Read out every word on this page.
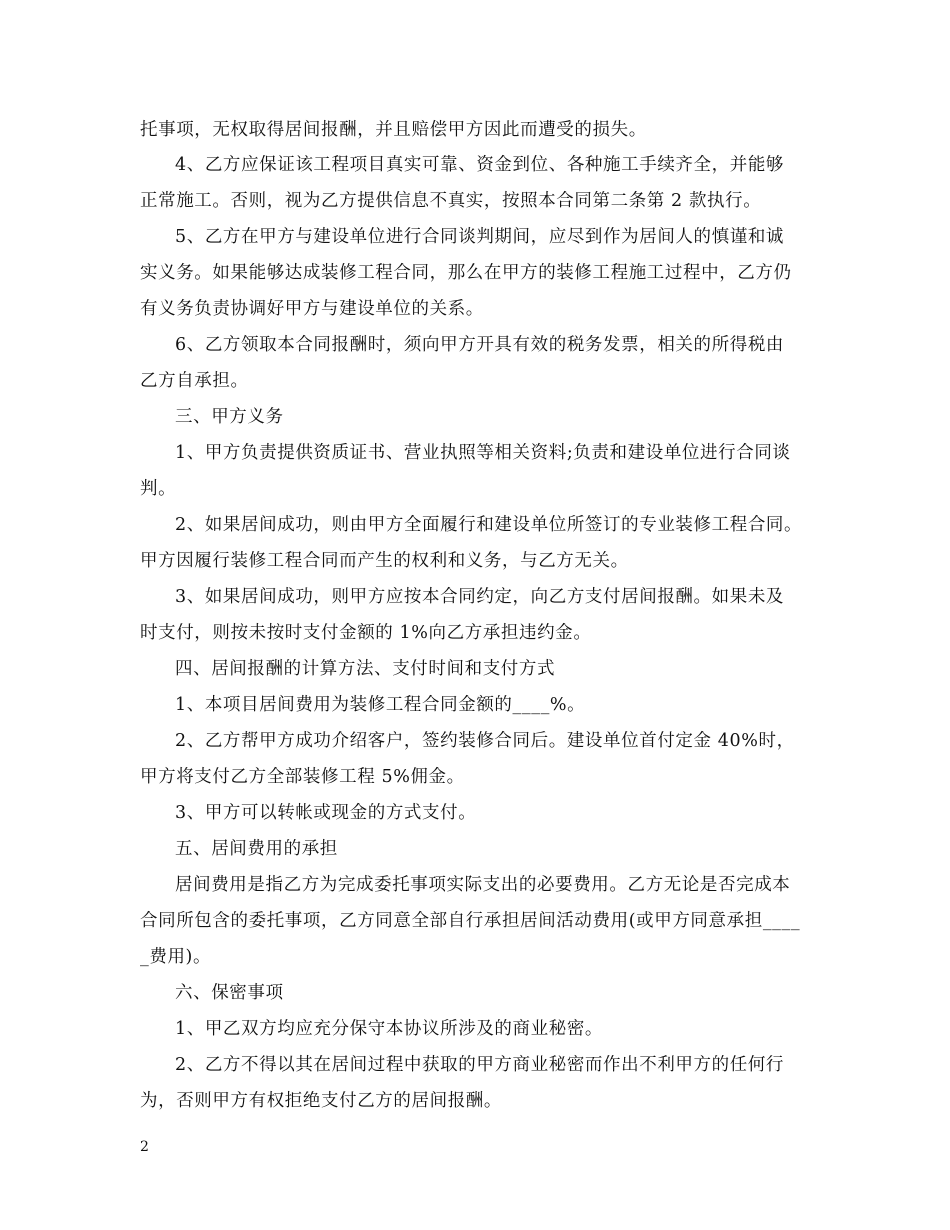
托事项，无权取得居间报酬，并且赔偿甲方因此而遭受的损失。
4、乙方应保证该工程项目真实可靠、资金到位、各种施工手续齐全，并能够
正常施工。否则，视为乙方提供信息不真实，按照本合同第二条第 2 款执行。
5、乙方在甲方与建设单位进行合同谈判期间，应尽到作为居间人的慎谨和诚
实义务。如果能够达成装修工程合同，那么在甲方的装修工程施工过程中，乙方仍
有义务负责协调好甲方与建设单位的关系。
6、乙方领取本合同报酬时，须向甲方开具有效的税务发票，相关的所得税由
乙方自承担。
三、甲方义务
1、甲方负责提供资质证书、营业执照等相关资料;负责和建设单位进行合同谈
判。
2、如果居间成功，则由甲方全面履行和建设单位所签订的专业装修工程合同。
甲方因履行装修工程合同而产生的权利和义务，与乙方无关。
3、如果居间成功，则甲方应按本合同约定，向乙方支付居间报酬。如果未及
时支付，则按未按时支付金额的 1%向乙方承担违约金。
四、居间报酬的计算方法、支付时间和支付方式
1、本项目居间费用为装修工程合同金额的____%。
2、乙方帮甲方成功介绍客户，签约装修合同后。建设单位首付定金 40%时，
甲方将支付乙方全部装修工程 5%佣金。
3、甲方可以转帐或现金的方式支付。
五、居间费用的承担
居间费用是指乙方为完成委托事项实际支出的必要费用。乙方无论是否完成本
合同所包含的委托事项，乙方同意全部自行承担居间活动费用(或甲方同意承担____
_费用)。
六、保密事项
1、甲乙双方均应充分保守本协议所涉及的商业秘密。
2、乙方不得以其在居间过程中获取的甲方商业秘密而作出不利甲方的任何行
为，否则甲方有权拒绝支付乙方的居间报酬。
2
